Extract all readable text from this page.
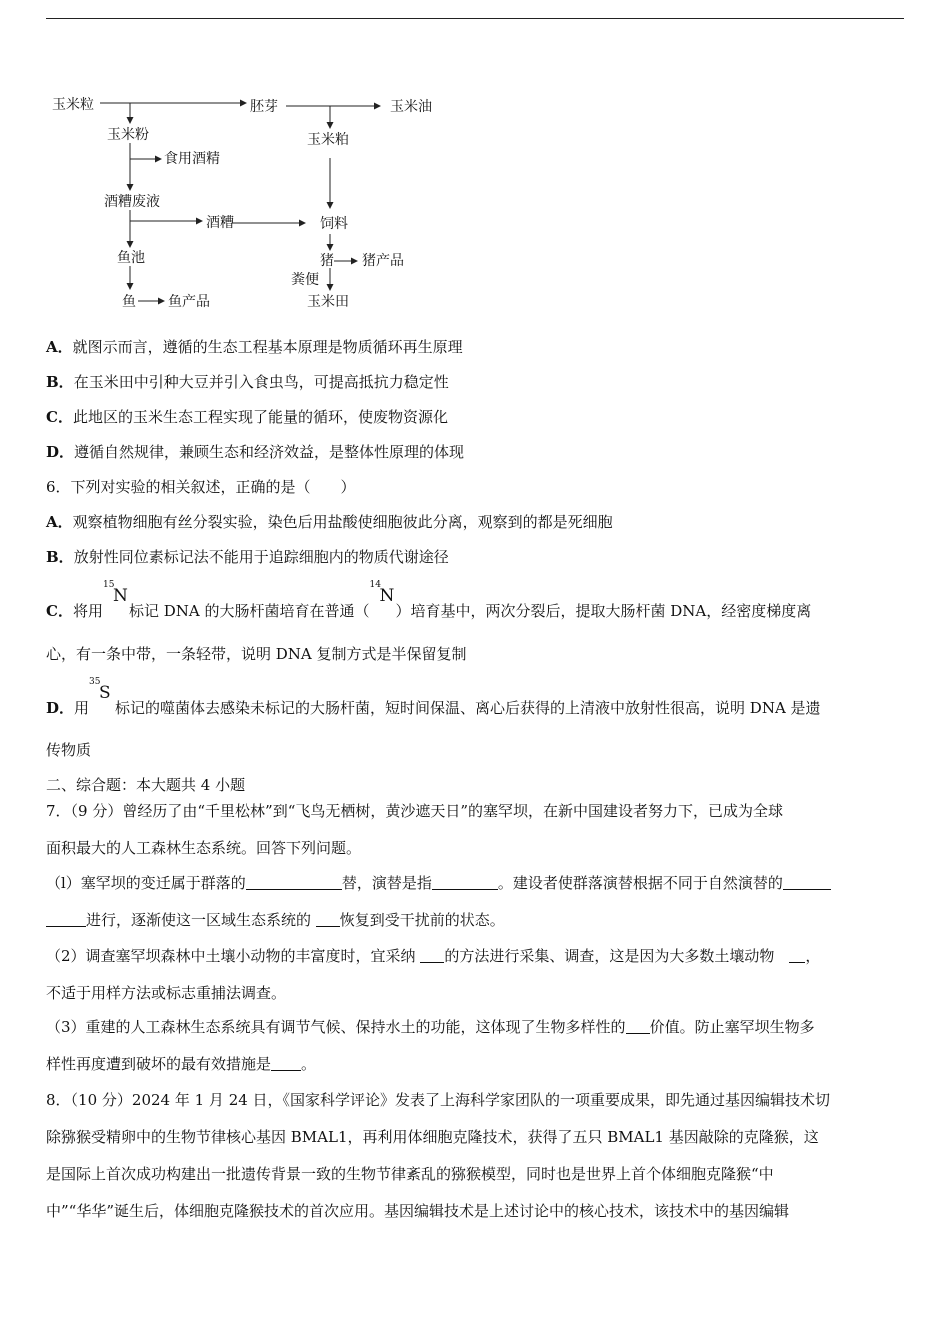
玉米粒	胚芽	玉米油
玉米粉
食用酒精
玉米粕
酒糟废液
酒糟	饲料
鱼池	猪 猪产品
粪便
鱼 鱼产品	玉米田
A．就图示而言，遵循的生态工程基本原理是物质循环再生原理
B．在玉米田中引种大豆并引入食虫鸟，可提高抵抗力稳定性
C．此地区的玉米生态工程实现了能量的循环，使废物资源化
D．遵循自然规律，兼顾生态和经济效益，是整体性原理的体现
6．下列对实验的相关叙述，正确的是（　　）
A．观察植物细胞有丝分裂实验，染色后用盐酸使细胞彼此分离，观察到的都是死细胞
B．放射性同位素标记法不能用于追踪细胞内的物质代谢途径
C．将用
15
N
标记 DNA 的大肠杆菌培育在普通（
14
N
）培育基中，两次分裂后，提取大肠杆菌 DNA，经密度梯度离
心，有一条中带，一条轻带，说明 DNA 复制方式是半保留复制
D．用
35
S
标记的噬菌体去感染未标记的大肠杆菌，短时间保温、离心后获得的上清液中放射性很高，说明 DNA 是遗
传物质
二、综合题：本大题共 4 小题
7．（9 分）曾经历了由“千里松林”到“飞鸟无栖树，黄沙遮天日”的塞罕坝，在新中国建设者努力下，已成为全球
面积最大的人工森林生态系统。回答下列问题。
（l）塞罕坝的变迁属于群落的	替，演替是指	。建设者使群落演替根据不同于自然演替的
进行，逐渐使这一区域生态系统的 恢复到受干扰前的状态。
（2）调查塞罕坝森林中土壤小动物的丰富度时，宜采纳 的方法进行采集、调查，这是因为大多数土壤动物　，
不适于用样方法或标志重捕法调查。
（3）重建的人工森林生态系统具有调节气候、保持水土的功能，这体现了生物多样性的 价值。防止塞罕坝生物多
样性再度遭到破坏的最有效措施是 。
8．（10 分）2024 年 1 月 24 日，《国家科学评论》发表了上海科学家团队的一项重要成果，即先通过基因编辑技术切
除猕猴受精卵中的生物节律核心基因 BMAL1，再利用体细胞克隆技术，获得了五只 BMAL1 基因敲除的克隆猴，这
是国际上首次成功构建出一批遗传背景一致的生物节律紊乱的猕猴模型，同时也是世界上首个体细胞克隆猴“中
中”“华华”诞生后，体细胞克隆猴技术的首次应用。基因编辑技术是上述讨论中的核心技术，该技术中的基因编辑
